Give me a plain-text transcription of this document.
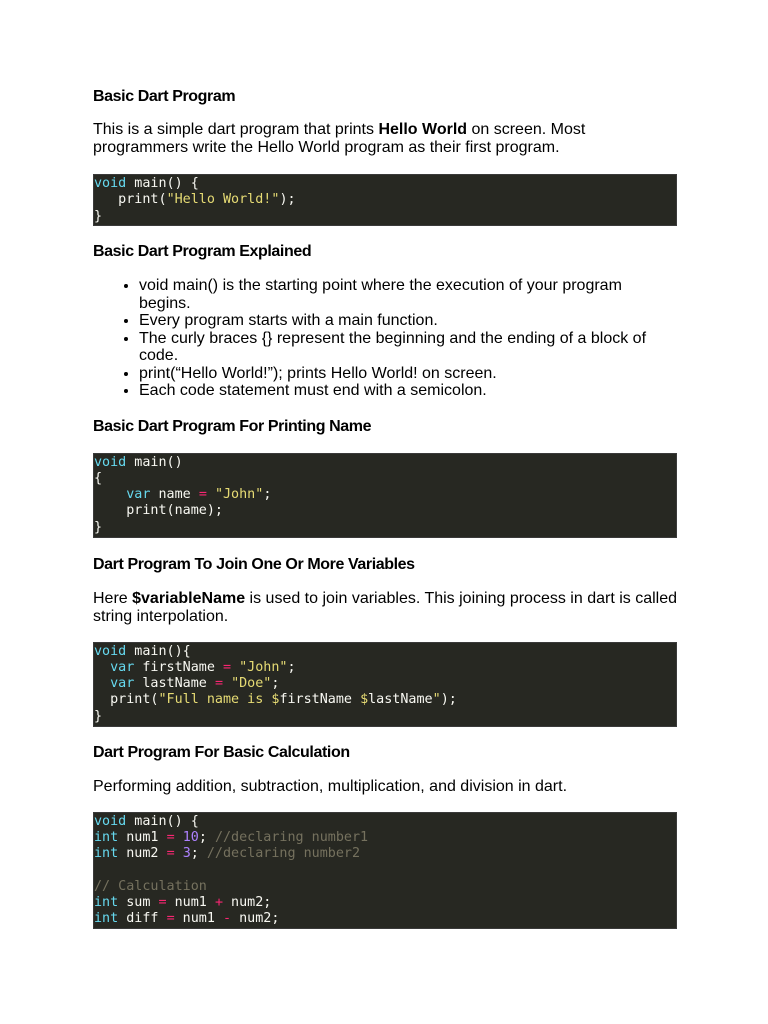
Basic Dart Program

This is a simple dart program that prints Hello World on screen. Most programmers write the Hello World program as their first program.

void main() {
print("Hello World!");
}
Basic Dart Program Explained
• void main() is the starting point where the execution of your program begins.
• Every program starts with a main function.
• The curly braces {} represent the beginning and the ending of a block of code.
• print(“Hello World!”); prints Hello World! on screen.
• Each code statement must end with a semicolon.
Basic Dart Program For Printing Name
void main()
{
var name = "John";
print(name);
}
Dart Program To Join One Or More Variables

Here $variableName is used to join variables. This joining process in dart is called string interpolation.

void main(){
var firstName = "John";
var lastName = "Doe";
print("Full name is $firstName $lastName");
}
Dart Program For Basic Calculation

Performing addition, subtraction, multiplication, and division in dart.

void main() {
int num1 = 10; //declaring number1
int num2 = 3; //declaring number2
// Calculation
int sum = num1 + num2;
int diff = num1 - num2;
